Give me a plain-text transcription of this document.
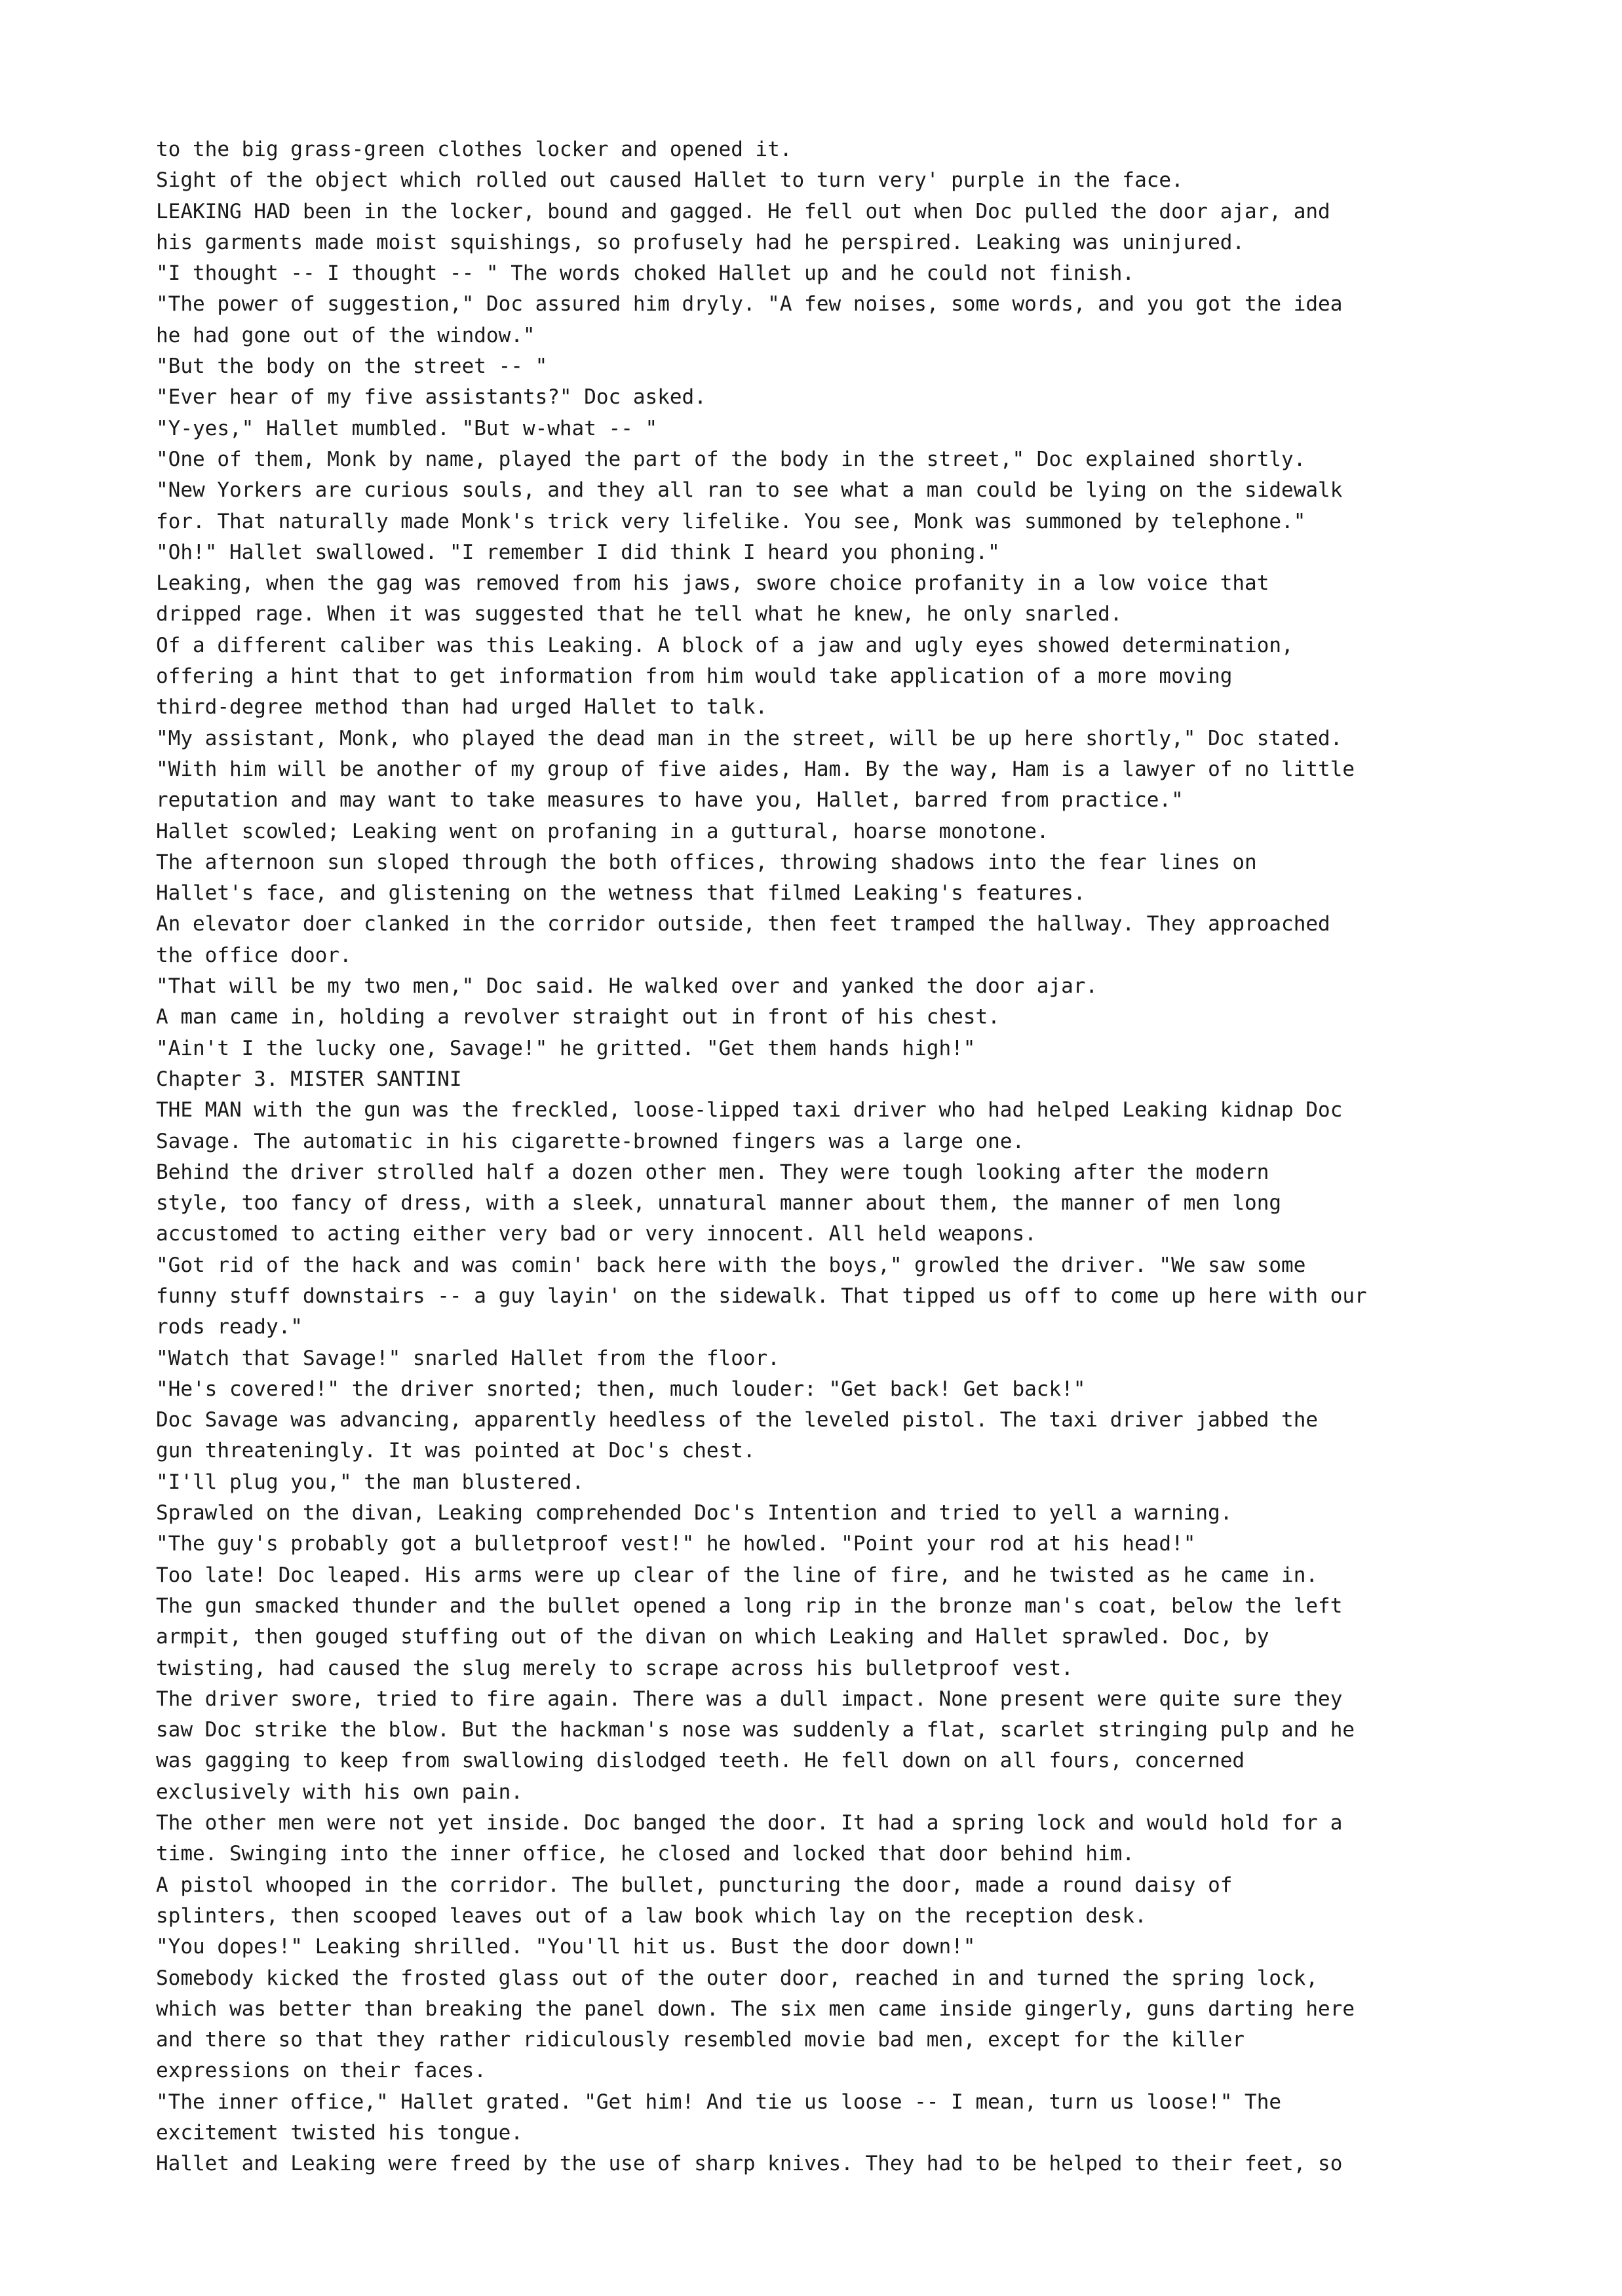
to the big grass-green clothes locker and opened it.

Sight of the object which rolled out caused Hallet to turn very' purple in the face.

LEAKING HAD been in the locker, bound and gagged. He fell out when Doc pulled the door ajar, and

his garments made moist squishings, so profusely had he perspired. Leaking was uninjured.

"I thought -- I thought -- " The words choked Hallet up and he could not finish.

"The power of suggestion," Doc assured him dryly. "A few noises, some words, and you got the idea

he had gone out of the window."

"But the body on the street -- "

"Ever hear of my five assistants?" Doc asked.

"Y-yes," Hallet mumbled. "But w-what -- "

"One of them, Monk by name, played the part of the body in the street," Doc explained shortly.

"New Yorkers are curious souls, and they all ran to see what a man could be lying on the sidewalk

for. That naturally made Monk's trick very lifelike. You see, Monk was summoned by telephone."

"Oh!" Hallet swallowed. "I remember I did think I heard you phoning."

Leaking, when the gag was removed from his jaws, swore choice profanity in a low voice that

dripped rage. When it was suggested that he tell what he knew, he only snarled.

Of a different caliber was this Leaking. A block of a jaw and ugly eyes showed determination,

offering a hint that to get information from him would take application of a more moving

third-degree method than had urged Hallet to talk.

"My assistant, Monk, who played the dead man in the street, will be up here shortly," Doc stated.

"With him will be another of my group of five aides, Ham. By the way, Ham is a lawyer of no little

reputation and may want to take measures to have you, Hallet, barred from practice."

Hallet scowled; Leaking went on profaning in a guttural, hoarse monotone.

The afternoon sun sloped through the both offices, throwing shadows into the fear lines on

Hallet's face, and glistening on the wetness that filmed Leaking's features.

An elevator doer clanked in the corridor outside, then feet tramped the hallway. They approached

the office door.

"That will be my two men," Doc said. He walked over and yanked the door ajar.

A man came in, holding a revolver straight out in front of his chest.

"Ain't I the lucky one, Savage!" he gritted. "Get them hands high!"

Chapter 3. MISTER SANTINI

THE MAN with the gun was the freckled, loose-lipped taxi driver who had helped Leaking kidnap Doc

Savage. The automatic in his cigarette-browned fingers was a large one.

Behind the driver strolled half a dozen other men. They were tough looking after the modern

style, too fancy of dress, with a sleek, unnatural manner about them, the manner of men long

accustomed to acting either very bad or very innocent. All held weapons.

"Got rid of the hack and was comin' back here with the boys," growled the driver. "We saw some

funny stuff downstairs -- a guy layin' on the sidewalk. That tipped us off to come up here with our

rods ready."

"Watch that Savage!" snarled Hallet from the floor.

"He's covered!" the driver snorted; then, much louder: "Get back! Get back!"

Doc Savage was advancing, apparently heedless of the leveled pistol. The taxi driver jabbed the

gun threateningly. It was pointed at Doc's chest.

"I'll plug you," the man blustered.

Sprawled on the divan, Leaking comprehended Doc's Intention and tried to yell a warning.

"The guy's probably got a bulletproof vest!" he howled. "Point your rod at his head!"

Too late! Doc leaped. His arms were up clear of the line of fire, and he twisted as he came in.

The gun smacked thunder and the bullet opened a long rip in the bronze man's coat, below the left

armpit, then gouged stuffing out of the divan on which Leaking and Hallet sprawled. Doc, by

twisting, had caused the slug merely to scrape across his bulletproof vest.

The driver swore, tried to fire again. There was a dull impact. None present were quite sure they

saw Doc strike the blow. But the hackman's nose was suddenly a flat, scarlet stringing pulp and he

was gagging to keep from swallowing dislodged teeth. He fell down on all fours, concerned

exclusively with his own pain.

The other men were not yet inside. Doc banged the door. It had a spring lock and would hold for a

time. Swinging into the inner office, he closed and locked that door behind him.

A pistol whooped in the corridor. The bullet, puncturing the door, made a round daisy of

splinters, then scooped leaves out of a law book which lay on the reception desk.

"You dopes!" Leaking shrilled. "You'll hit us. Bust the door down!"

Somebody kicked the frosted glass out of the outer door, reached in and turned the spring lock,

which was better than breaking the panel down. The six men came inside gingerly, guns darting here

and there so that they rather ridiculously resembled movie bad men, except for the killer

expressions on their faces.

"The inner office," Hallet grated. "Get him! And tie us loose -- I mean, turn us loose!" The

excitement twisted his tongue.

Hallet and Leaking were freed by the use of sharp knives. They had to be helped to their feet, so
